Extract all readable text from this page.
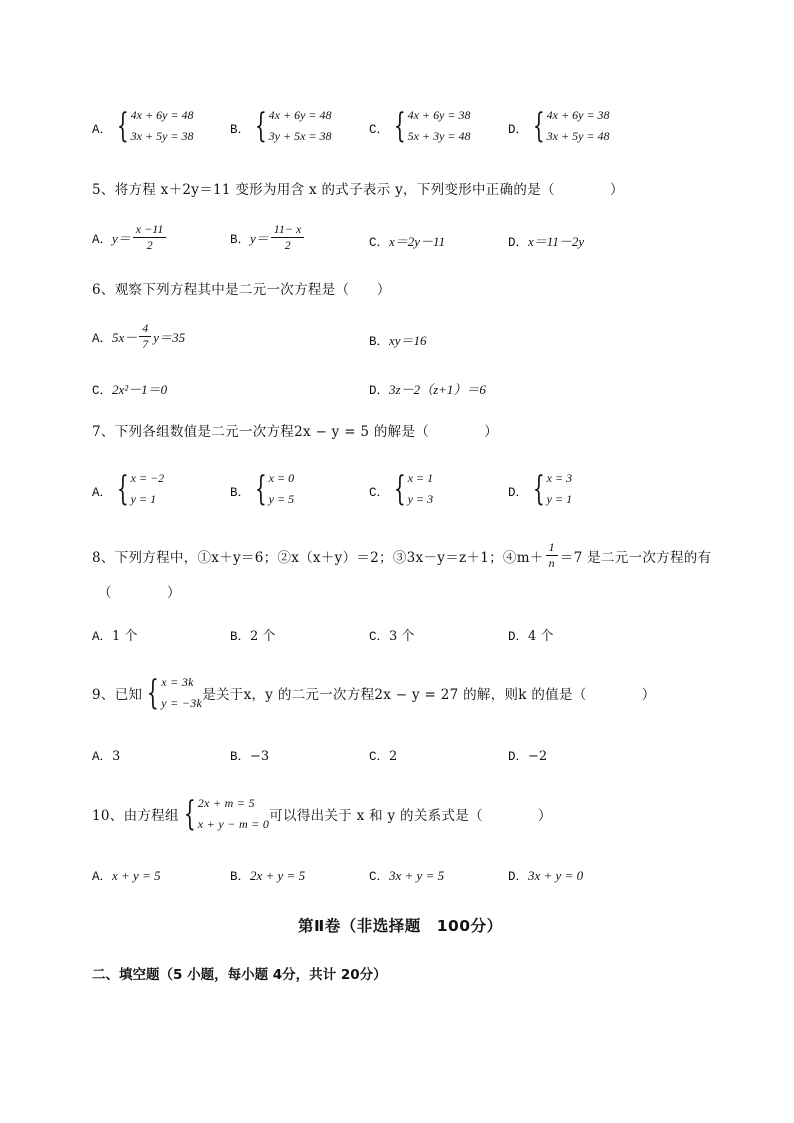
A． { 4x + 6y = 48
3x + 5y = 38	B． { 4x + 6y = 48
3y + 5x = 38	C． { 4x + 6y = 38
5x + 3y = 48	D． { 4x + 6y = 38
3x + 5y = 48
5、将方程 x＋2y＝11 变形为用含 x 的式子表示 y，下列变形中正确的是（　　　　）
A． $y= \frac{x -11}{2}$	B． $y= \frac{11- x}{2}$	C．x＝2y－11	D．x＝11－2y
6、观察下列方程其中是二元一次方程是（　　）
A． $5x- \frac{4}{7} y=35$	B．xy＝16
C．2x²－1＝0	D．3z－2（z+1）＝6
7、下列各组数值是二元一次方程2x − y = 5 的解是（　　　　）
A． { x = −2
y = 1	B． { x = 0
y = 5	C． { x = 1
y = 3	D． { x = 3
y = 1
8、下列方程中，①x＋y＝6；②x（x＋y）＝2；③3x－y＝z＋1；④m＋ $\frac{1}{n} =7$ 是二元一次方程的有
（　　　　）
A．1 个	B．2 个	C．3 个	D．4 个
9、已知 { x = 3k
y = −3k 是关于x，y 的二元一次方程2x − y = 27 的解，则k 的值是（　　　　）
A．3	B．−3	C．2	D．−2
10、由方程组 { 2x + m = 5
x + y − m = 0 可以得出关于 x 和 y 的关系式是（　　　　）
A．x + y = 5	B．2x + y = 5	C．3x + y = 5	D．3x + y = 0
第Ⅱ卷（非选择题　100分）
二、填空题（5 小题，每小题 4分，共计 20分）
